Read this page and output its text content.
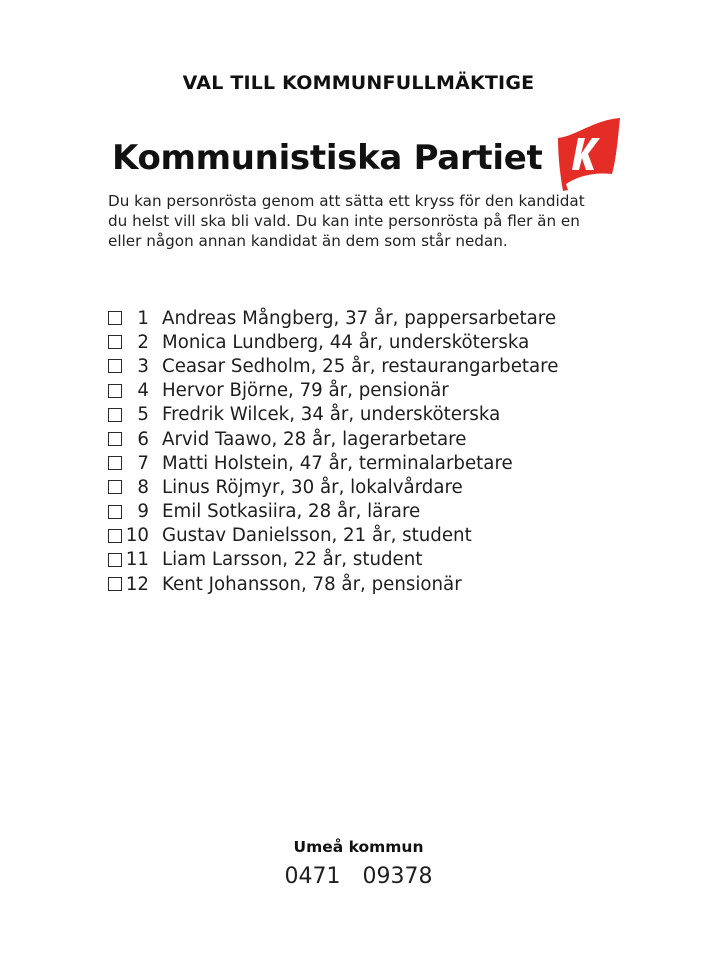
VAL TILL KOMMUNFULLMÄKTIGE
Kommunistiska Partiet

Du kan personrösta genom att sätta ett kryss för den kandidat du helst vill ska bli vald. Du kan inte personrösta på fler än en eller någon annan kandidat än dem som står nedan.

1 Andreas Mångberg, 37 år, pappersarbetare
2 Monica Lundberg, 44 år, undersköterska
3 Ceasar Sedholm, 25 år, restaurangarbetare
4 Hervor Björne, 79 år, pensionär
5 Fredrik Wilcek, 34 år, undersköterska
6 Arvid Taawo, 28 år, lagerarbetare
7 Matti Holstein, 47 år, terminalarbetare
8 Linus Röjmyr, 30 år, lokalvårdare
9 Emil Sotkasiira, 28 år, lärare
10 Gustav Danielsson, 21 år, student
11 Liam Larsson, 22 år, student
12 Kent Johansson, 78 år, pensionär
Umeå kommun
0471 09378
